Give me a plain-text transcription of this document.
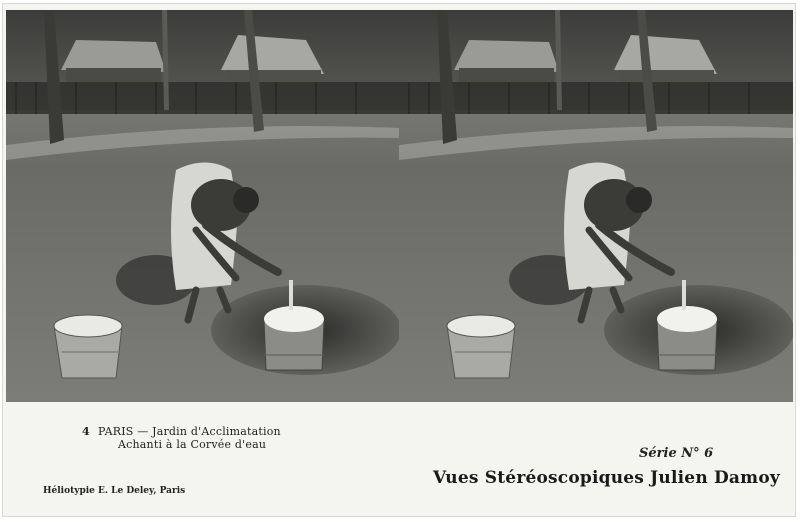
4 PARIS — Jardin d'Acclimatation
Achanti à la Corvée d'eau
Héliotypie E. Le Deley, Paris
Série N° 6
Vues Stéréoscopiques Julien Damoy
